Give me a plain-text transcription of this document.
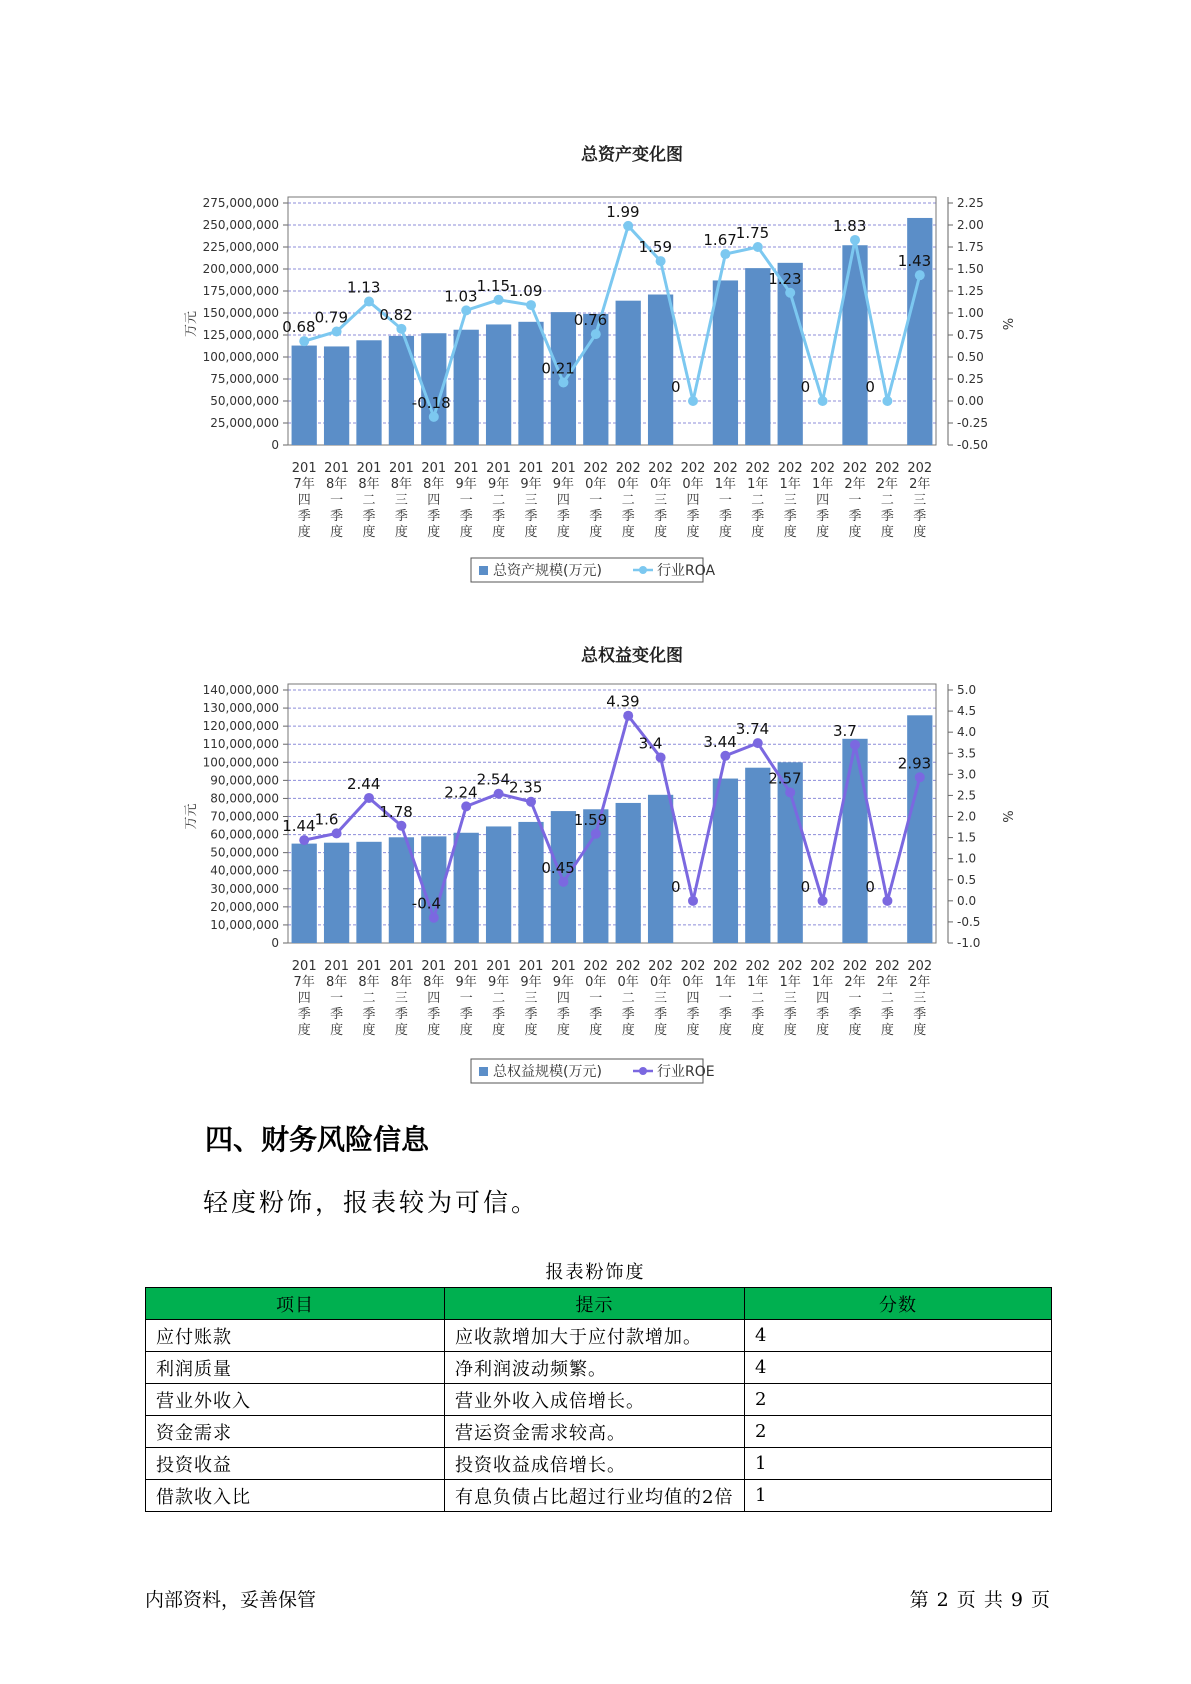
总资产变化图
275,000,000
250,000,000
225,000,000
200,000,000
175,000,000
150,000,000
125,000,000
100,000,000
75,000,000
50,000,000
25,000,000
0
2.25
2.00
1.75
1.50
1.25
1.00
0.75
0.50
0.25
0.00
-0.25
-0.50
万元	%
0.68
0.79
1.13
0.82
-0.18
1.03
1.15
1.09
0.21
0.76
1.99
1.59
0
1.67
1.75
1.23
0
1.83
0
1.43
201 7年四季度
201 8年一季度
201 8年二季度
201 8年三季度
201 8年四季度
201 9年一季度
201 9年二季度
201 9年三季度
201 9年四季度
202 0年一季度
202 0年二季度
202 0年三季度
202 0年四季度
202 1年一季度
202 1年二季度
202 1年三季度
202 1年四季度
202 2年一季度
202 2年二季度
202 2年三季度
总资产规模(万元)	行业ROA
总权益变化图
140,000,000
130,000,000
120,000,000
110,000,000
100,000,000
90,000,000
80,000,000
70,000,000
60,000,000
50,000,000
40,000,000
30,000,000
20,000,000
10,000,000
0
5.0
4.5
4.0
3.5
3.0
2.5
2.0
1.5
1.0
0.5
0.0
-0.5
-1.0
万元	%
1.44
1.6
2.44
1.78
-0.4
2.24
2.54
2.35
0.45
1.59
4.39
3.4
0
3.44
3.74
2.57
0
3.7
0
2.93
201 7年四季度
201 8年一季度
201 8年二季度
201 8年三季度
201 8年四季度
201 9年一季度
201 9年二季度
201 9年三季度
201 9年四季度
202 0年一季度
202 0年二季度
202 0年三季度
202 0年四季度
202 1年一季度
202 1年二季度
202 1年三季度
202 1年四季度
202 2年一季度
202 2年二季度
202 2年三季度
总权益规模(万元)	行业ROE
四、财务风险信息

轻度粉饰，报表较为可信。

报表粉饰度
项目	提示	分数
应付账款	应收款增加大于应付款增加。	4
利润质量	净利润波动频繁。	4
营业外收入	营业外收入成倍增长。	2
资金需求	营运资金需求较高。	2
投资收益	投资收益成倍增长。	1
借款收入比	有息负债占比超过行业均值的2倍	1
内部资料，妥善保管	第 2 页 共 9 页
